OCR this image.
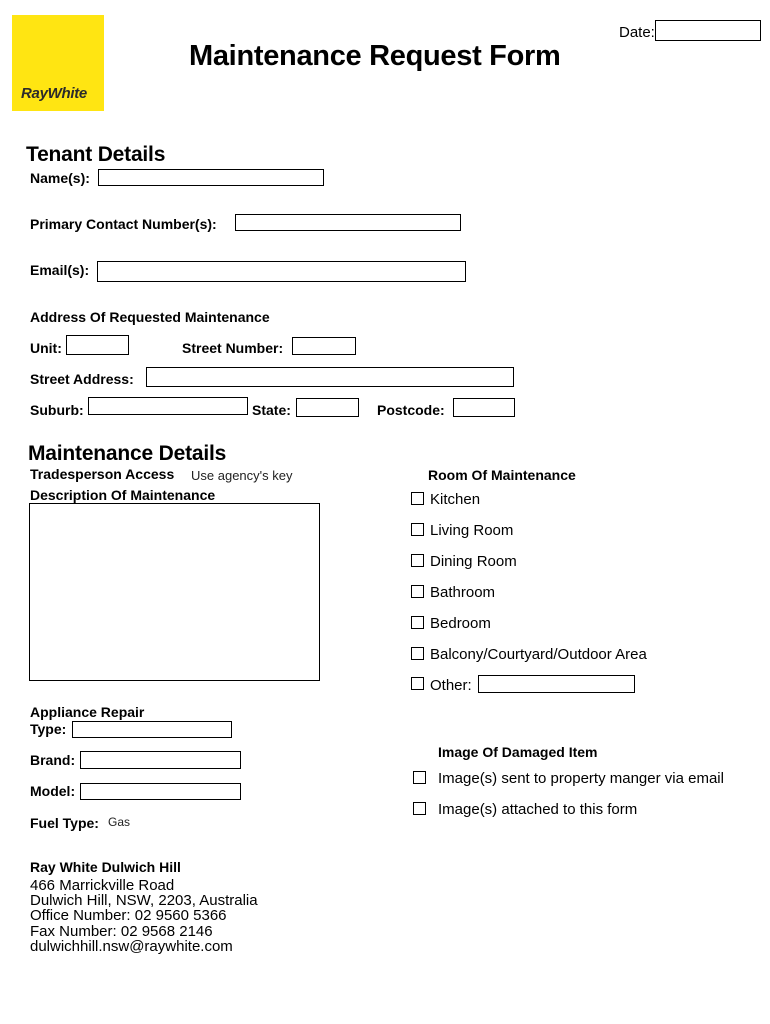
RayWhite
Maintenance Request Form
Date:
Tenant Details
Name(s):
Primary Contact Number(s):
Email(s):
Address Of Requested Maintenance
Unit:	Street Number:
Street Address:
Suburb:	State:	Postcode:
Maintenance Details
Tradesperson Access Use agency's key
Description Of Maintenance
Room Of Maintenance
Kitchen
Living Room
Dining Room
Bathroom
Bedroom
Balcony/Courtyard/Outdoor Area
Other:
Appliance Repair
Type:
Brand:
Model:
Fuel Type: Gas
Image Of Damaged Item
Image(s) sent to property manger via email
Image(s) attached to this form
Ray White Dulwich Hill
466 Marrickville Road
Dulwich Hill, NSW, 2203, Australia
Office Number: 02 9560 5366
Fax Number: 02 9568 2146
dulwichhill.nsw@raywhite.com
